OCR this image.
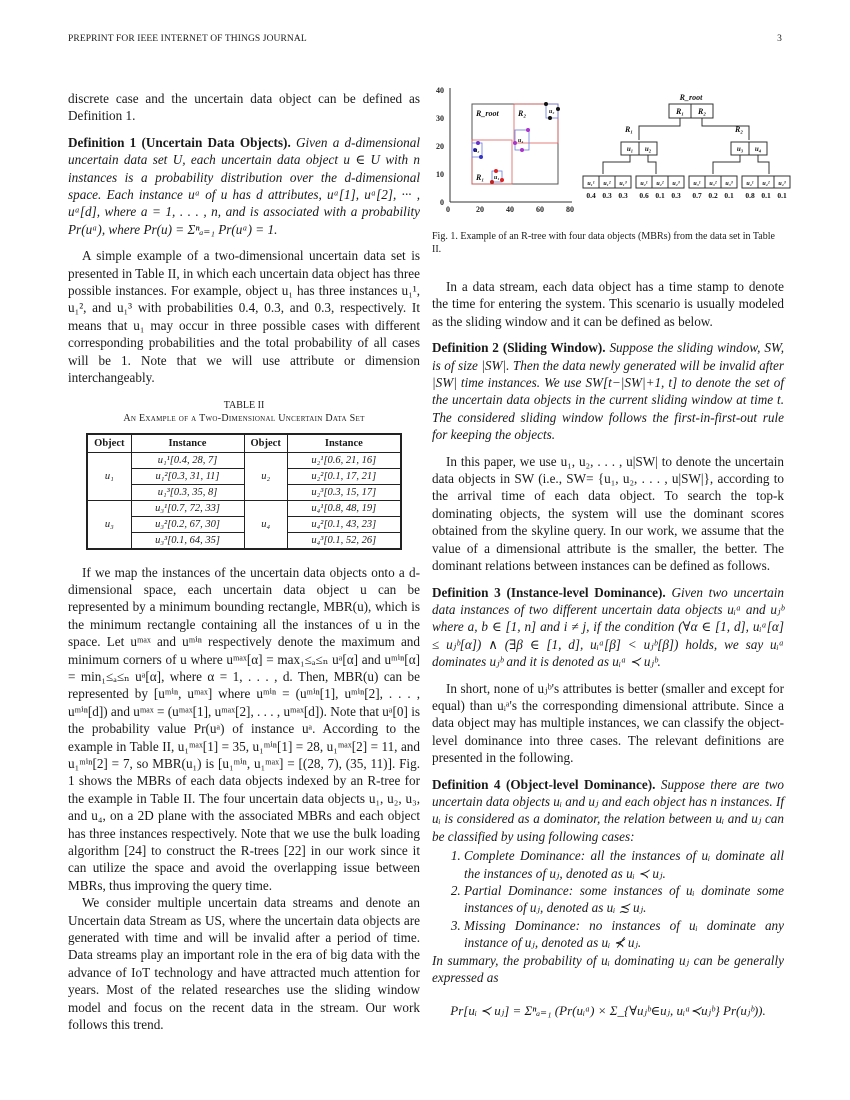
PREPRINT FOR IEEE INTERNET OF THINGS JOURNAL	3

discrete case and the uncertain data object can be defined as Definition 1.

Definition 1 (Uncertain Data Objects). Given a d-dimensional uncertain data set U, each uncertain data object u ∈ U with n instances is a probability distribution over the d-dimensional space. Each instance uᵃ of u has d attributes, uᵃ[1], uᵃ[2], ··· , uᵃ[d], where a = 1, . . . , n, and is associated with a probability Pr(uᵃ), where Pr(u) = Σⁿₐ₌₁ Pr(uᵃ) = 1.

A simple example of a two-dimensional uncertain data set is presented in Table II, in which each uncertain data object has three possible instances. For example, object u₁ has three instances u₁¹, u₁², and u₁³ with probabilities 0.4, 0.3, and 0.3, respectively. It means that u₁ may occur in three possible cases with different corresponding probabilities and the total probability of all cases will be 1. Note that we will use attribute or dimension interchangeably.

TABLE II
An Example of a Two-Dimensional Uncertain Data Set
Object	Instance	Object	Instance
u₁	u₁¹[0.4, 28, 7]	u₂	u₂¹[0.6, 21, 16]
	u₁²[0.3, 31, 11]		u₂²[0.1, 17, 21]
	u₁³[0.3, 35, 8]		u₂³[0.3, 15, 17]
u₃	u₃¹[0.7, 72, 33]	u₄	u₄¹[0.8, 48, 19]
	u₃²[0.2, 67, 30]		u₄²[0.1, 43, 23]
	u₃³[0.1, 64, 35]		u₄³[0.1, 52, 26]

If we map the instances of the uncertain data objects onto a d-dimensional space, each uncertain data object u can be represented by a minimum bounding rectangle, MBR(u), which is the minimum rectangle containing all the instances of u in the space. Let uᵐᵃˣ and uᵐⁱⁿ respectively denote the maximum and minimum corners of u where uᵐᵃˣ[α] = max₁≤ₐ≤ₙ uᵃ[α] and uᵐⁱⁿ[α] = min₁≤ₐ≤ₙ uᵃ[α], where α = 1, . . . , d. Then, MBR(u) can be represented by [uᵐⁱⁿ, uᵐᵃˣ] where uᵐⁱⁿ = (uᵐⁱⁿ[1], uᵐⁱⁿ[2], . . . , uᵐⁱⁿ[d]) and uᵐᵃˣ = (uᵐᵃˣ[1], uᵐᵃˣ[2], . . . , uᵐᵃˣ[d]). Note that uᵃ[0] is the probability value Pr(uᵃ) of instance uᵃ. According to the example in Table II, u₁ᵐᵃˣ[1] = 35, u₁ᵐⁱⁿ[1] = 28, u₁ᵐᵃˣ[2] = 11, and u₁ᵐⁱⁿ[2] = 7, so MBR(u₁) is [u₁ᵐⁱⁿ, u₁ᵐᵃˣ] = [(28, 7), (35, 11)]. Fig. 1 shows the MBRs of each data objects indexed by an R-tree for the example in Table II. The four uncertain data objects u₁, u₂, u₃, and u₄, on a 2D plane with the associated MBRs and each object has three instances respectively. Note that we use the bulk loading algorithm [24] to construct the R-trees [22] in our work since it can utilize the space and avoid the overlapping issue between MBRs, thus improving the query time.

We consider multiple uncertain data streams and denote an Uncertain data Stream as US, where the uncertain data objects are generated with time and will be invalid after a period of time. Data streams play an important role in the era of big data with the advance of IoT technology and have attracted much attention for years. Most of the related researches use the sliding window model and focus on the recent data in the stream. Our work follows this trend.

0	20	40	60	80
0
10
20
30
40
R_root
R₁
R₂
u₁
u₂
u₃
u₄
R_root
R₁ R₂
R₁	R₂
u₁ u₂	u₃ u₄
u₁¹ u₁² u₁³ u₂¹ u₂² u₂³ u₃¹ u₃² u₃³ u₄¹ u₄² u₄³
0.4 0.3 0.3 0.6 0.1 0.3 0.7 0.2 0.1 0.8 0.1 0.1

Fig. 1. Example of an R-tree with four data objects (MBRs) from the data set in Table II.

In a data stream, each data object has a time stamp to denote the time for entering the system. This scenario is usually modeled as the sliding window and it can be defined as below.

Definition 2 (Sliding Window). Suppose the sliding window, SW, is of size |SW|. Then the data newly generated will be invalid after |SW| time instances. We use SW[t−|SW|+1, t] to denote the set of the uncertain data objects in the current sliding window at time t. The considered sliding window follows the first-in-first-out rule for keeping the objects.

In this paper, we use u₁, u₂, . . . , u|SW| to denote the uncertain data objects in SW (i.e., SW= {u₁, u₂, . . . , u|SW|}, according to the arrival time of each data object. To search the top-k dominating objects, the system will use the dominant scores obtained from the skyline query. In our work, we assume that the value of a dimensional attribute is the smaller, the better. The dominant relations between instances can be defined as follows.

Definition 3 (Instance-level Dominance). Given two uncertain data instances of two different uncertain data objects uᵢᵃ and uⱼᵇ where a, b ∈ [1, n] and i ≠ j, if the condition (∀α ∈ [1, d], uᵢᵃ[α] ≤ uⱼᵇ[α]) ∧ (∃β ∈ [1, d], uᵢᵃ[β] < uⱼᵇ[β]) holds, we say uᵢᵃ dominates uⱼᵇ and it is denoted as uᵢᵃ ≺ uⱼᵇ.

In short, none of uⱼᵇ's attributes is better (smaller and except for equal) than uᵢᵃ's the corresponding dimensional attribute. Since a data object may has multiple instances, we can classify the object-level dominance into three cases. The relevant definitions are presented in the following.

Definition 4 (Object-level Dominance). Suppose there are two uncertain data objects uᵢ and uⱼ and each object has n instances. If uᵢ is considered as a dominator, the relation between uᵢ and uⱼ can be classified by using following cases:

1. Complete Dominance: all the instances of uᵢ dominate all the instances of uⱼ, denoted as uᵢ ≺ uⱼ.
2. Partial Dominance: some instances of uᵢ dominate some instances of uⱼ, denoted as uᵢ ≾ uⱼ.
3. Missing Dominance: no instances of uᵢ dominate any instance of uⱼ, denoted as uᵢ ⊀ uⱼ.

In summary, the probability of uᵢ dominating uⱼ can be generally expressed as

Pr[uᵢ ≺ uⱼ] = Σⁿₐ₌₁ (Pr(uᵢᵃ) × Σ_{∀uⱼᵇ∈uⱼ, uᵢᵃ≺uⱼᵇ} Pr(uⱼᵇ)).
